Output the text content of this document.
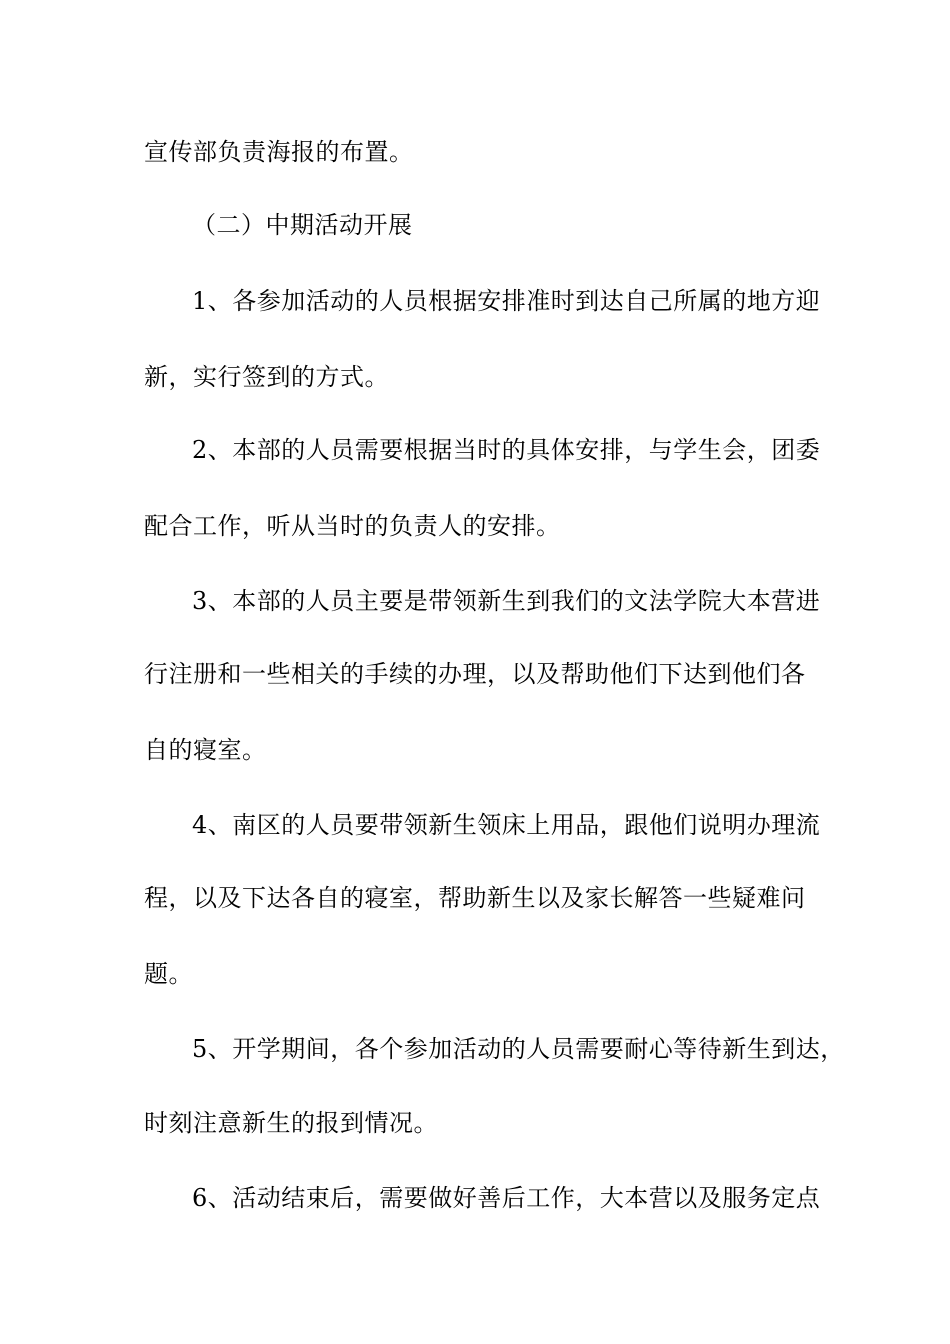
宣传部负责海报的布置。
（二）中期活动开展
1、各参加活动的人员根据安排准时到达自己所属的地方迎
新，实行签到的方式。
2、本部的人员需要根据当时的具体安排，与学生会，团委
配合工作，听从当时的负责人的安排。
3、本部的人员主要是带领新生到我们的文法学院大本营进
行注册和一些相关的手续的办理，以及帮助他们下达到他们各
自的寝室。
4、南区的人员要带领新生领床上用品，跟他们说明办理流
程，以及下达各自的寝室，帮助新生以及家长解答一些疑难问
题。
5、开学期间，各个参加活动的人员需要耐心等待新生到达，
时刻注意新生的报到情况。
6、活动结束后，需要做好善后工作，大本营以及服务定点
